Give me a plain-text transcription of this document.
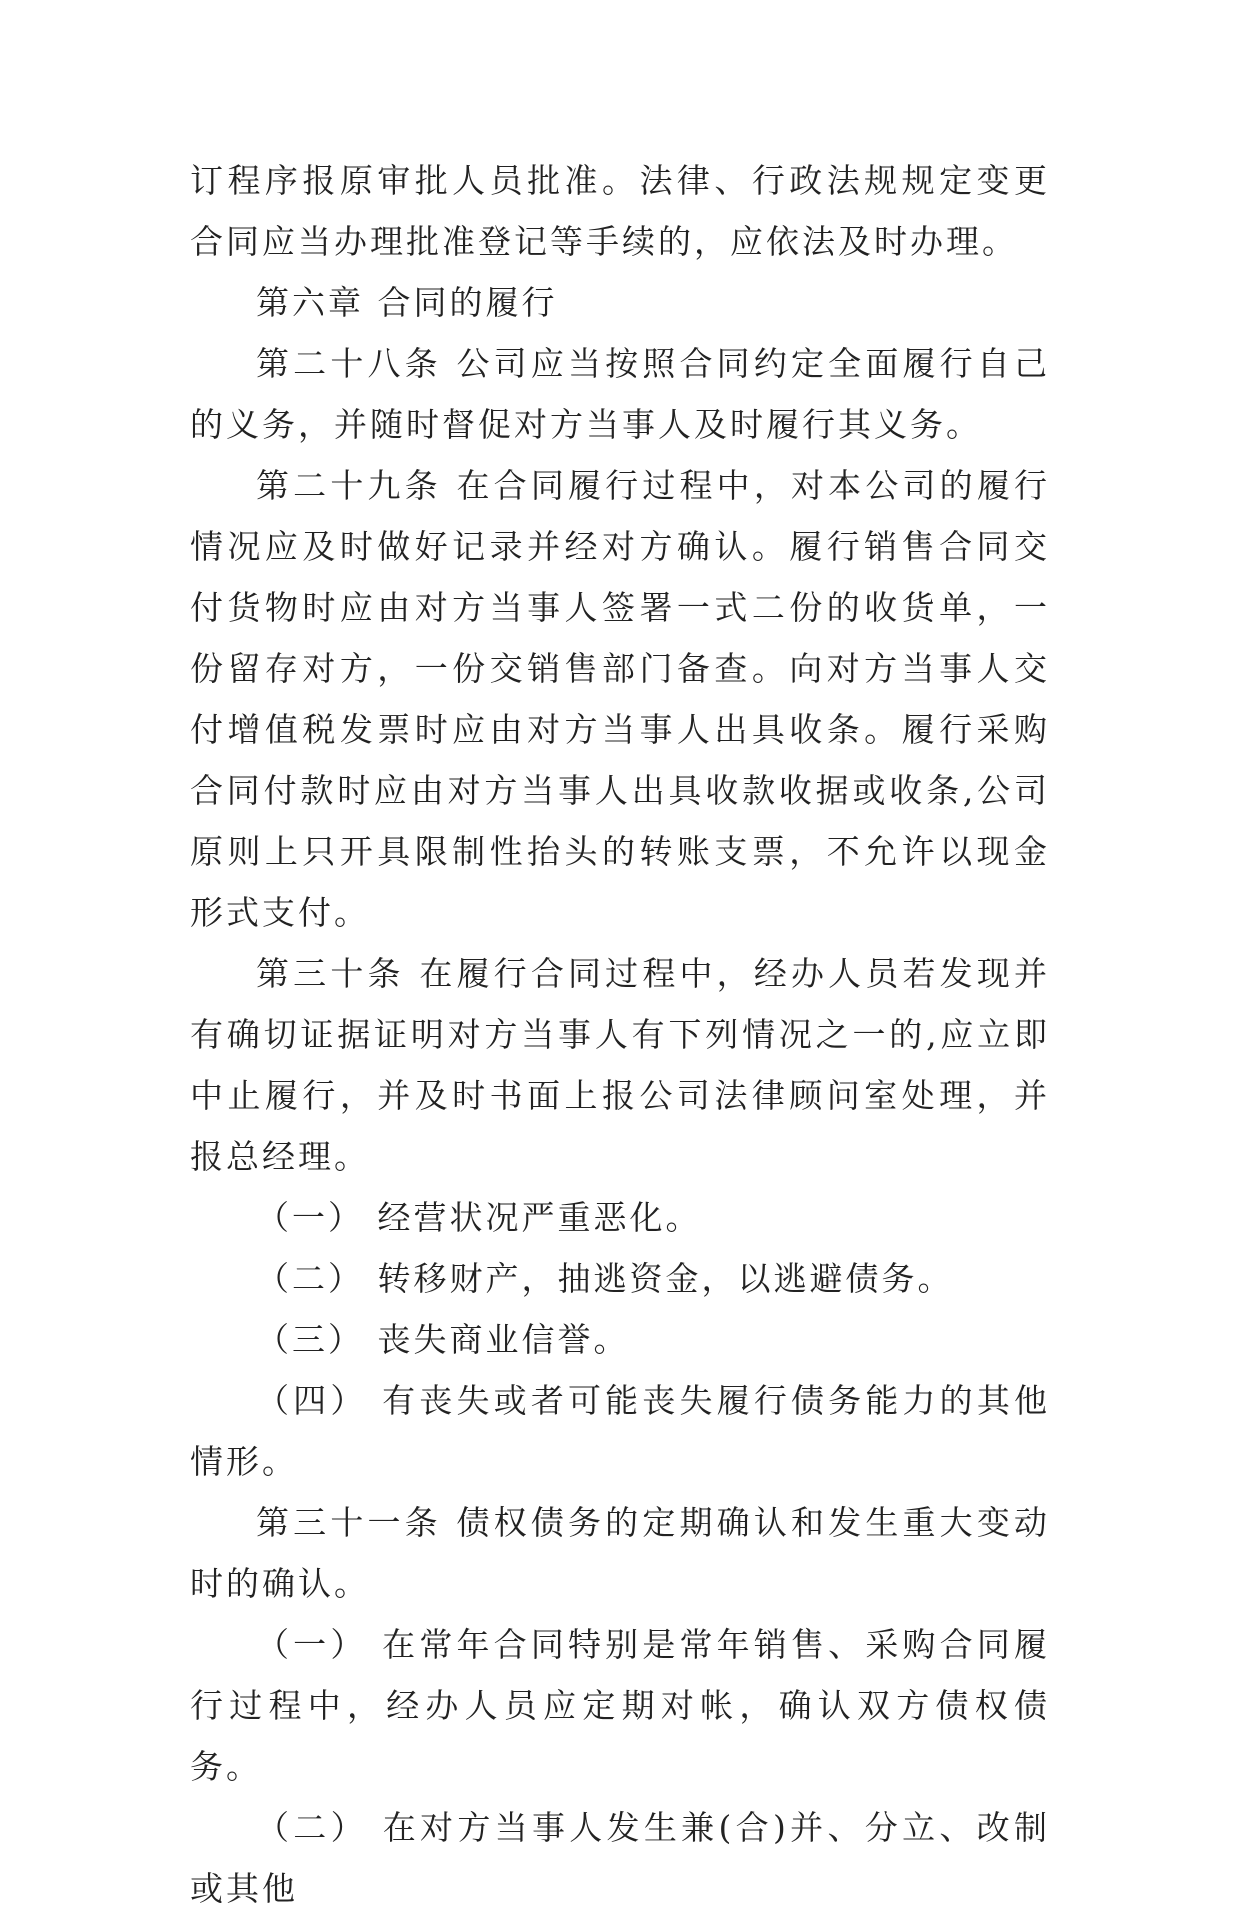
订程序报原审批人员批准。法律、行政法规规定变更合同应当办理批准登记等手续的，应依法及时办理。

第六章 合同的履行

第二十八条 公司应当按照合同约定全面履行自己的义务，并随时督促对方当事人及时履行其义务。

第二十九条 在合同履行过程中，对本公司的履行情况应及时做好记录并经对方确认。履行销售合同交付货物时应由对方当事人签署一式二份的收货单，一份留存对方，一份交销售部门备查。向对方当事人交付增值税发票时应由对方当事人出具收条。履行采购合同付款时应由对方当事人出具收款收据或收条,公司原则上只开具限制性抬头的转账支票，不允许以现金形式支付。

第三十条 在履行合同过程中，经办人员若发现并有确切证据证明对方当事人有下列情况之一的,应立即中止履行，并及时书面上报公司法律顾问室处理，并报总经理。

（一） 经营状况严重恶化。

（二） 转移财产，抽逃资金，以逃避债务。

（三） 丧失商业信誉。

（四） 有丧失或者可能丧失履行债务能力的其他情形。

第三十一条 债权债务的定期确认和发生重大变动时的确认。

（一） 在常年合同特别是常年销售、采购合同履行过程中，经办人员应定期对帐，确认双方债权债务。

（二） 在对方当事人发生兼(合)并、分立、改制或其他
